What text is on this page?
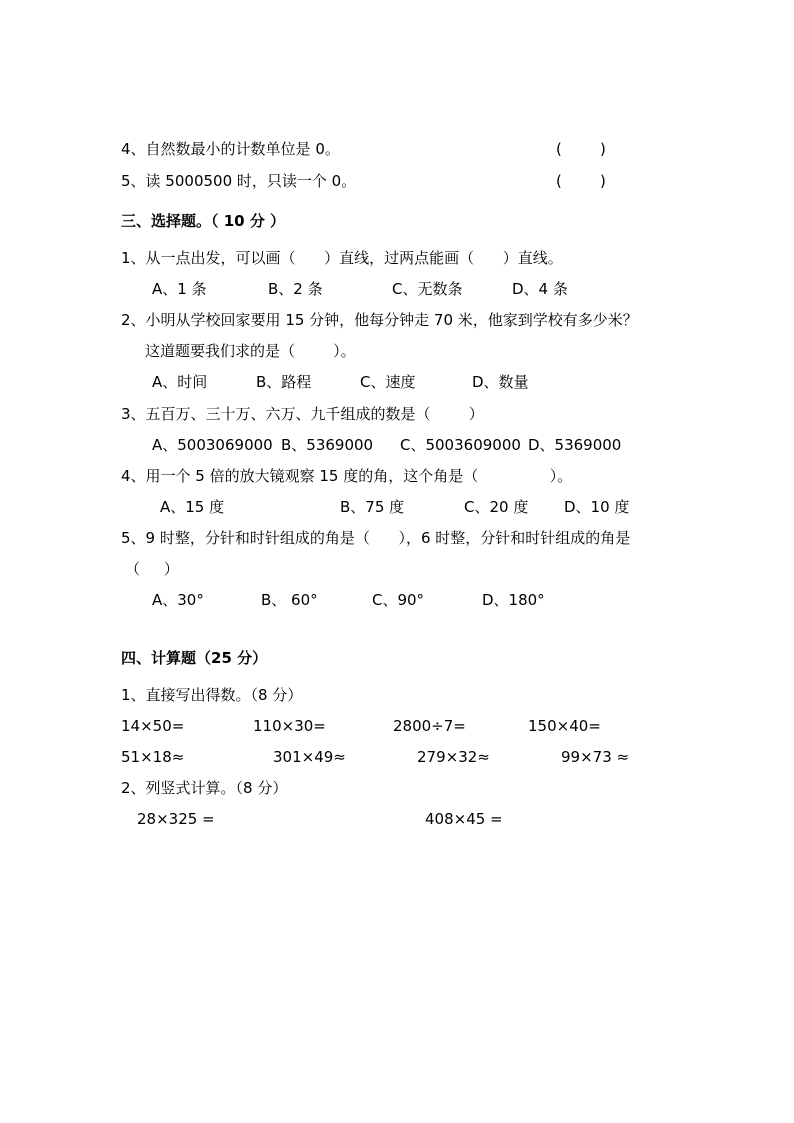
4、自然数最小的计数单位是 0。	(        )
5、读 5000500 时，只读一个 0。	(        )
三、选择题。（ 10 分 ）
1、从一点出发，可以画（      ）直线，过两点能画（      ）直线。
A、1 条	B、2 条	C、无数条	D、4 条
2、小明从学校回家要用 15 分钟，他每分钟走 70 米，他家到学校有多少米？
这道题要我们求的是（        ）。
A、时间	B、路程	C、速度	D、数量
3、五百万、三十万、六万、九千组成的数是（        ）
A、5003069000 B、5369000 C、5003609000 D、5369000
4、用一个 5 倍的放大镜观察 15 度的角，这个角是（               ）。
A、15 度	B、75 度	C、20 度 D、10 度
5、9 时整，分针和时针组成的角是（      ），6 时整，分针和时针组成的角是
（     ）
A、30°	B、 60°	C、90°	D、180°
四、计算题（25 分）
1、直接写出得数。（8 分）
14×50=	110×30=	2800÷7=	150×40=
51×18≈	301×49≈	279×32≈	99×73 ≈
2、列竖式计算。（8 分）
28×325 =	408×45 =
